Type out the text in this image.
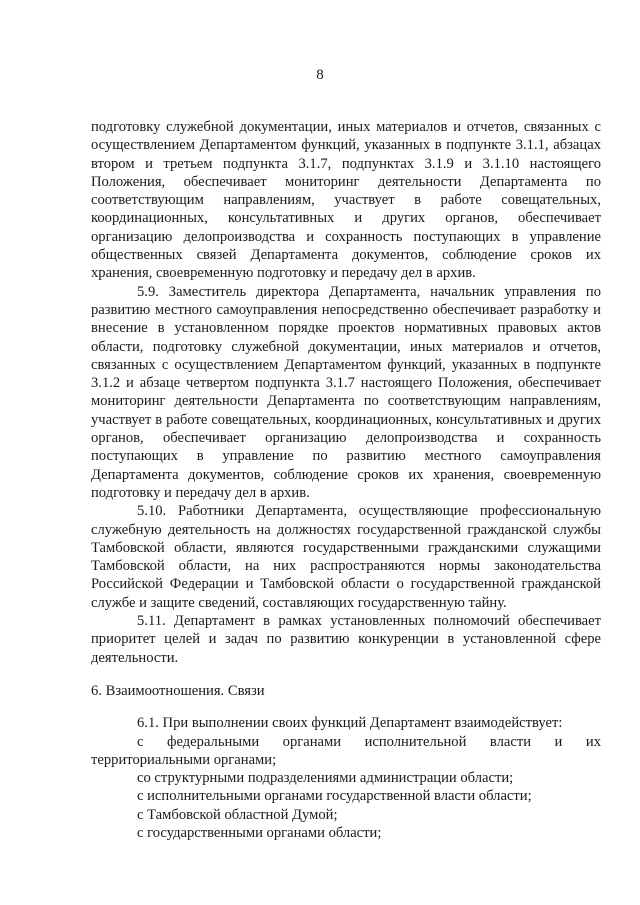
8

подготовку служебной документации, иных материалов и отчетов, связанных с осуществлением Департаментом функций, указанных в подпункте 3.1.1, абзацах втором и третьем подпункта 3.1.7, подпунктах 3.1.9 и 3.1.10 настоящего Положения, обеспечивает мониторинг деятельности Департамента по соответствующим направлениям, участвует в работе совещательных, координационных, консультативных и других органов, обеспечивает организацию делопроизводства и сохранность поступающих в управление общественных связей Департамента документов, соблюдение сроков их хранения, своевременную подготовку и передачу дел в архив.

5.9. Заместитель директора Департамента, начальник управления по развитию местного самоуправления непосредственно обеспечивает разработку и внесение в установленном порядке проектов нормативных правовых актов области, подготовку служебной документации, иных материалов и отчетов, связанных с осуществлением Департаментом функций, указанных в подпункте 3.1.2 и абзаце четвертом подпункта 3.1.7 настоящего Положения, обеспечивает мониторинг деятельности Департамента по соответствующим направлениям, участвует в работе совещательных, координационных, консультативных и других органов, обеспечивает организацию делопроизводства и сохранность поступающих в управление по развитию местного самоуправления Департамента документов, соблюдение сроков их хранения, своевременную подготовку и передачу дел в архив.

5.10. Работники Департамента, осуществляющие профессиональную служебную деятельность на должностях государственной гражданской службы Тамбовской области, являются государственными гражданскими служащими Тамбовской области, на них распространяются нормы законодательства Российской Федерации и Тамбовской области о государственной гражданской службе и защите сведений, составляющих государственную тайну.

5.11. Департамент в рамках установленных полномочий обеспечивает приоритет целей и задач по развитию конкуренции в установленной сфере деятельности.

6. Взаимоотношения. Связи

6.1. При выполнении своих функций Департамент взаимодействует:

с федеральными органами исполнительной власти и их территориальными органами;

со структурными подразделениями администрации области;

с исполнительными органами государственной власти области;

с Тамбовской областной Думой;

с государственными органами области;
